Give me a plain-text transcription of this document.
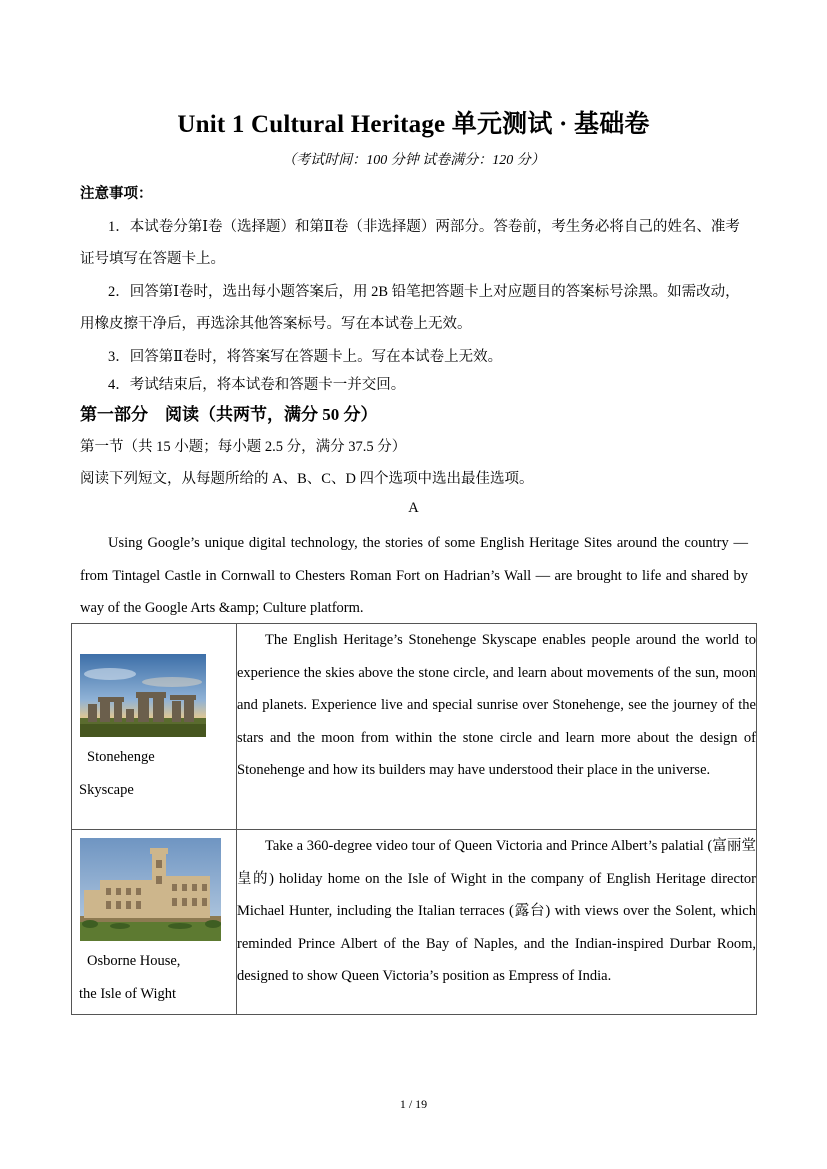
Unit 1 Cultural Heritage 单元测试 · 基础卷
（考试时间：100 分钟 试卷满分：120 分）
注意事项：
1．本试卷分第Ⅰ卷（选择题）和第Ⅱ卷（非选择题）两部分。答卷前，考生务必将自己的姓名、准考
证号填写在答题卡上。
2．回答第Ⅰ卷时，选出每小题答案后，用 2B 铅笔把答题卡上对应题目的答案标号涂黑。如需改动，
用橡皮擦干净后，再选涂其他答案标号。写在本试卷上无效。
3．回答第Ⅱ卷时，将答案写在答题卡上。写在本试卷上无效。
4．考试结束后，将本试卷和答题卡一并交回。
第一部分　阅读（共两节，满分 50 分）
第一节（共 15 小题；每小题 2.5 分，满分 37.5 分）
阅读下列短文，从每题所给的 A、B、C、D 四个选项中选出最佳选项。
A
Using Google’s unique digital technology, the stories of some English Heritage Sites around the country — from Tintagel Castle in Cornwall to Chesters Roman Fort on Hadrian’s Wall — are brought to life and shared by way of the Google Arts &amp; Culture platform.
Stonehenge
Skyscape	The English Heritage’s Stonehenge Skyscape enables people around the world to experience the skies above the stone circle, and learn about movements of the sun, moon and planets. Experience live and special sunrise over Stonehenge, see the journey of the stars and the moon from within the stone circle and learn more about the design of Stonehenge and how its builders may have understood their place in the universe.

Osborne House,
the Isle of Wight	Take a 360-degree video tour of Queen Victoria and Prince Albert’s palatial (富丽堂皇的) holiday home on the Isle of Wight in the company of English Heritage director Michael Hunter, including the Italian terraces (露台) with views over the Solent, which reminded Prince Albert of the Bay of Naples, and the Indian-inspired Durbar Room, designed to show Queen Victoria’s position as Empress of India.
1 / 19
